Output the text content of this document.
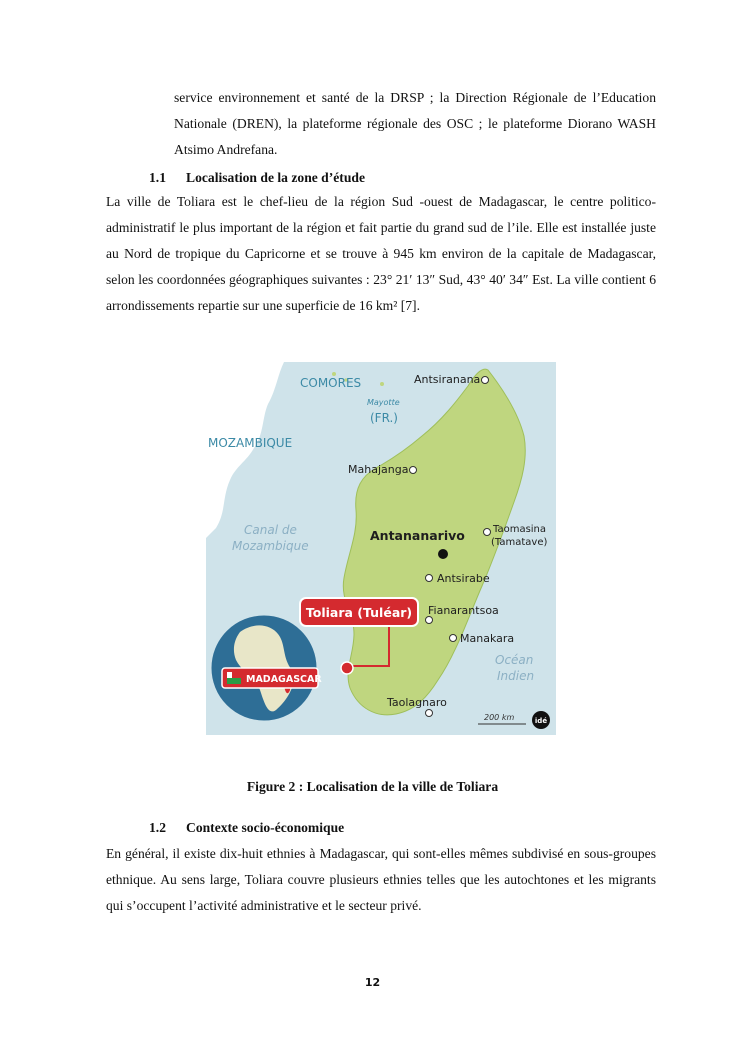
service environnement et santé de la DRSP ; la Direction Régionale de l’Education Nationale (DREN), la plateforme régionale des OSC ; le plateforme Diorano WASH Atsimo Andrefana.
1.1 Localisation de la zone d’étude
La ville de Toliara est le chef-lieu de la région Sud -ouest de Madagascar, le centre politico-administratif le plus important de la région et fait partie du grand sud de l’ile. Elle est installée juste au Nord de tropique du Capricorne et se trouve à 945 km environ de la capitale de Madagascar, selon les coordonnées géographiques suivantes : 23° 21′ 13″ Sud, 43° 40′ 34″ Est. La ville contient 6 arrondissements repartie sur une superficie de 16 km² [7].
COMORES
Mayotte
(FR.)
MOZAMBIQUE
Canal de
Mozambique
Océan
Indien
Antsiranana
Mahajanga
Antananarivo	Taomasina
(Tamatave)
Antsirabe
Fianarantsoa
Manakara
Taolagnaro
Toliara (Tuléar)
MADAGASCAR
200 km	idé
Figure 2 : Localisation de la ville de Toliara
1.2 Contexte socio-économique
En général, il existe dix-huit ethnies à Madagascar, qui sont-elles mêmes subdivisé en sous-groupes ethnique. Au sens large, Toliara couvre plusieurs ethnies telles que les autochtones et les migrants qui s’occupent l’activité administrative et le secteur privé.
12
